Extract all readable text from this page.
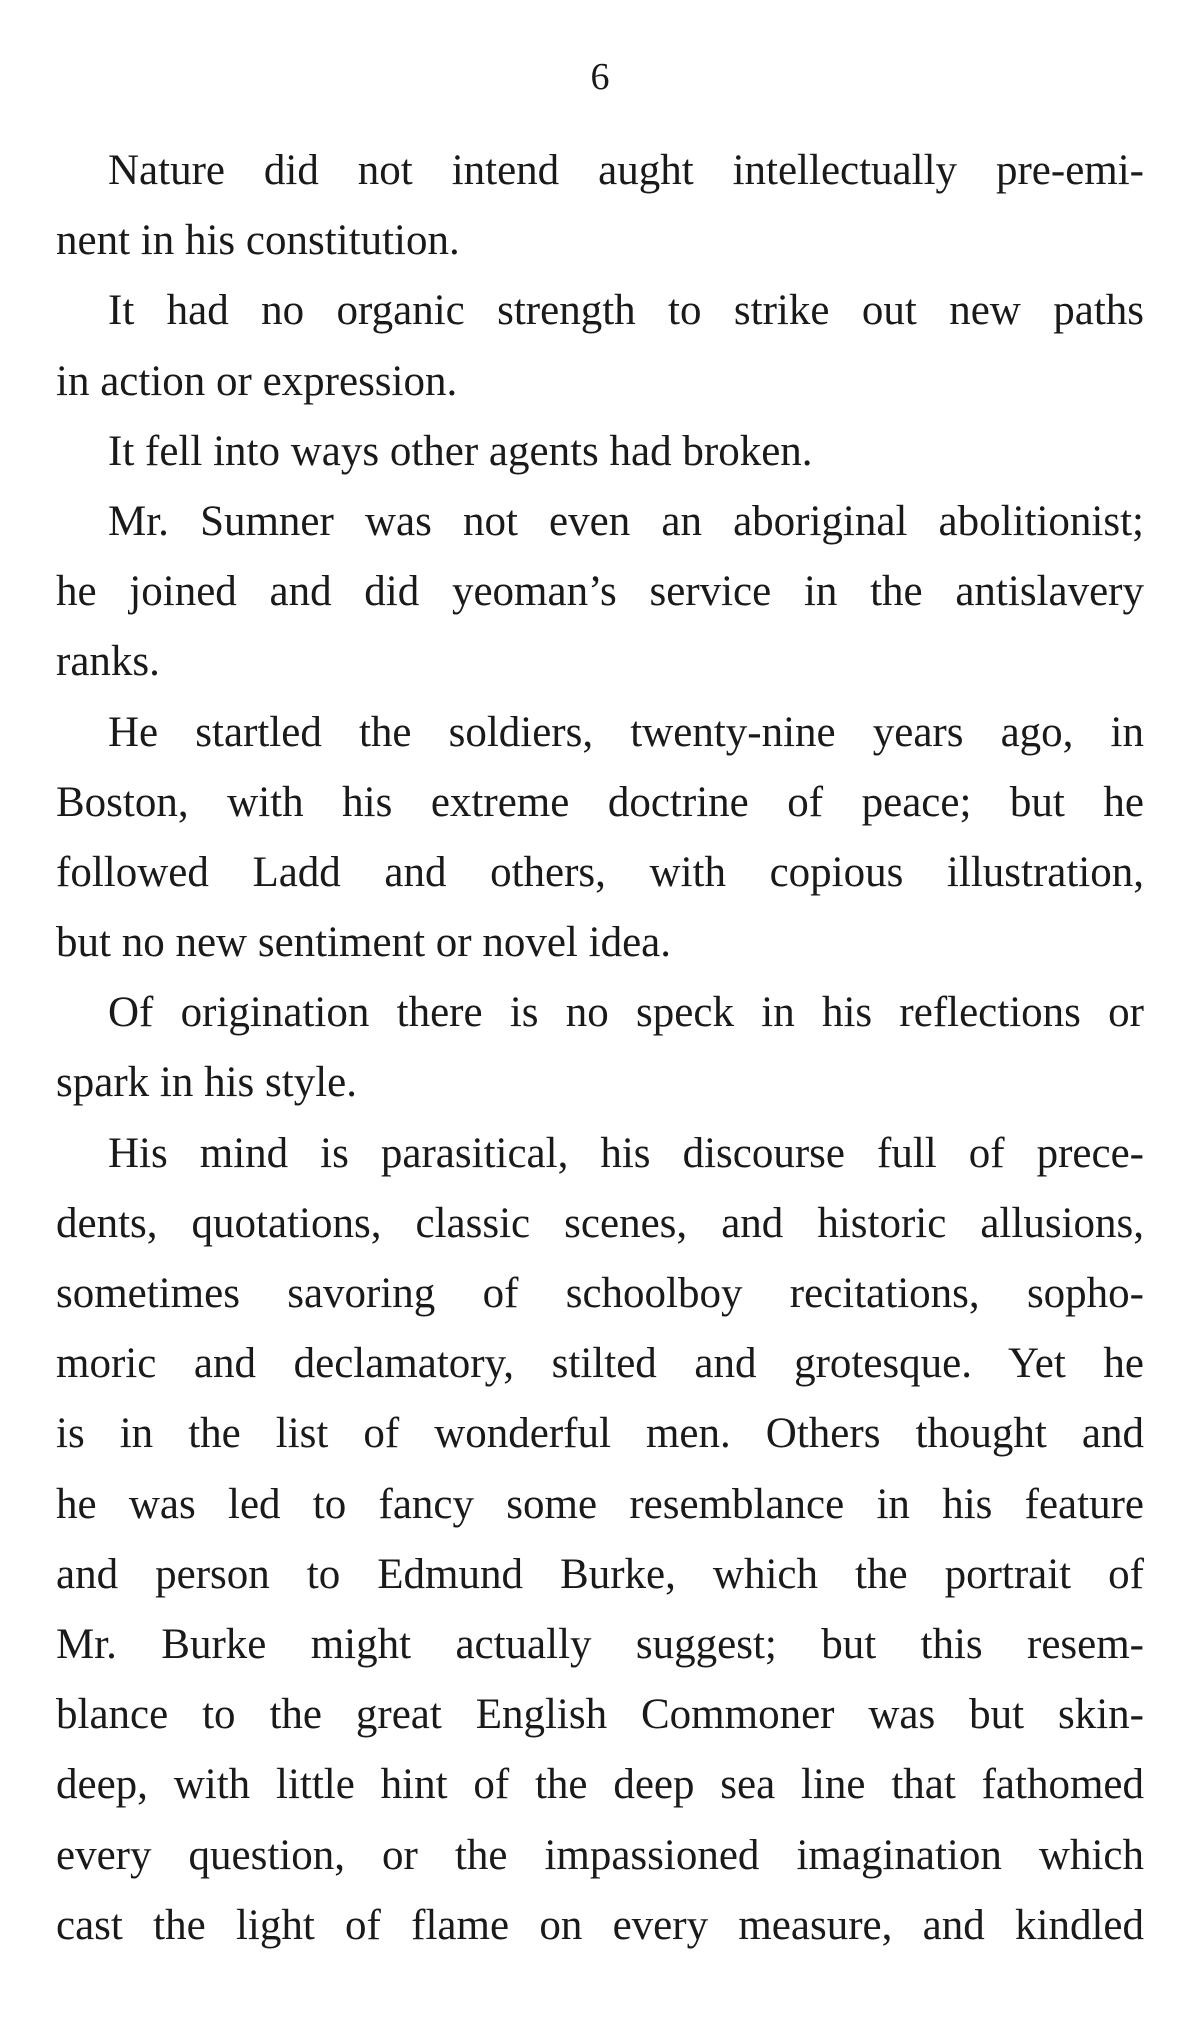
6
Nature did not intend aught intellectually pre-emi-
nent in his constitution.
It had no organic strength to strike out new paths
in action or expression.
It fell into ways other agents had broken.
Mr. Sumner was not even an aboriginal abolitionist;
he joined and did yeoman’s service in the antislavery
ranks.
He startled the soldiers, twenty-nine years ago, in
Boston, with his extreme doctrine of peace; but he
followed Ladd and others, with copious illustration,
but no new sentiment or novel idea.
Of origination there is no speck in his reflections or
spark in his style.
His mind is parasitical, his discourse full of prece-
dents, quotations, classic scenes, and historic allusions,
sometimes savoring of schoolboy recitations, sopho-
moric and declamatory, stilted and grotesque. Yet he
is in the list of wonderful men. Others thought and
he was led to fancy some resemblance in his feature
and person to Edmund Burke, which the portrait of
Mr. Burke might actually suggest; but this resem-
blance to the great English Commoner was but skin-
deep, with little hint of the deep sea line that fathomed
every question, or the impassioned imagination which
cast the light of flame on every measure, and kindled
